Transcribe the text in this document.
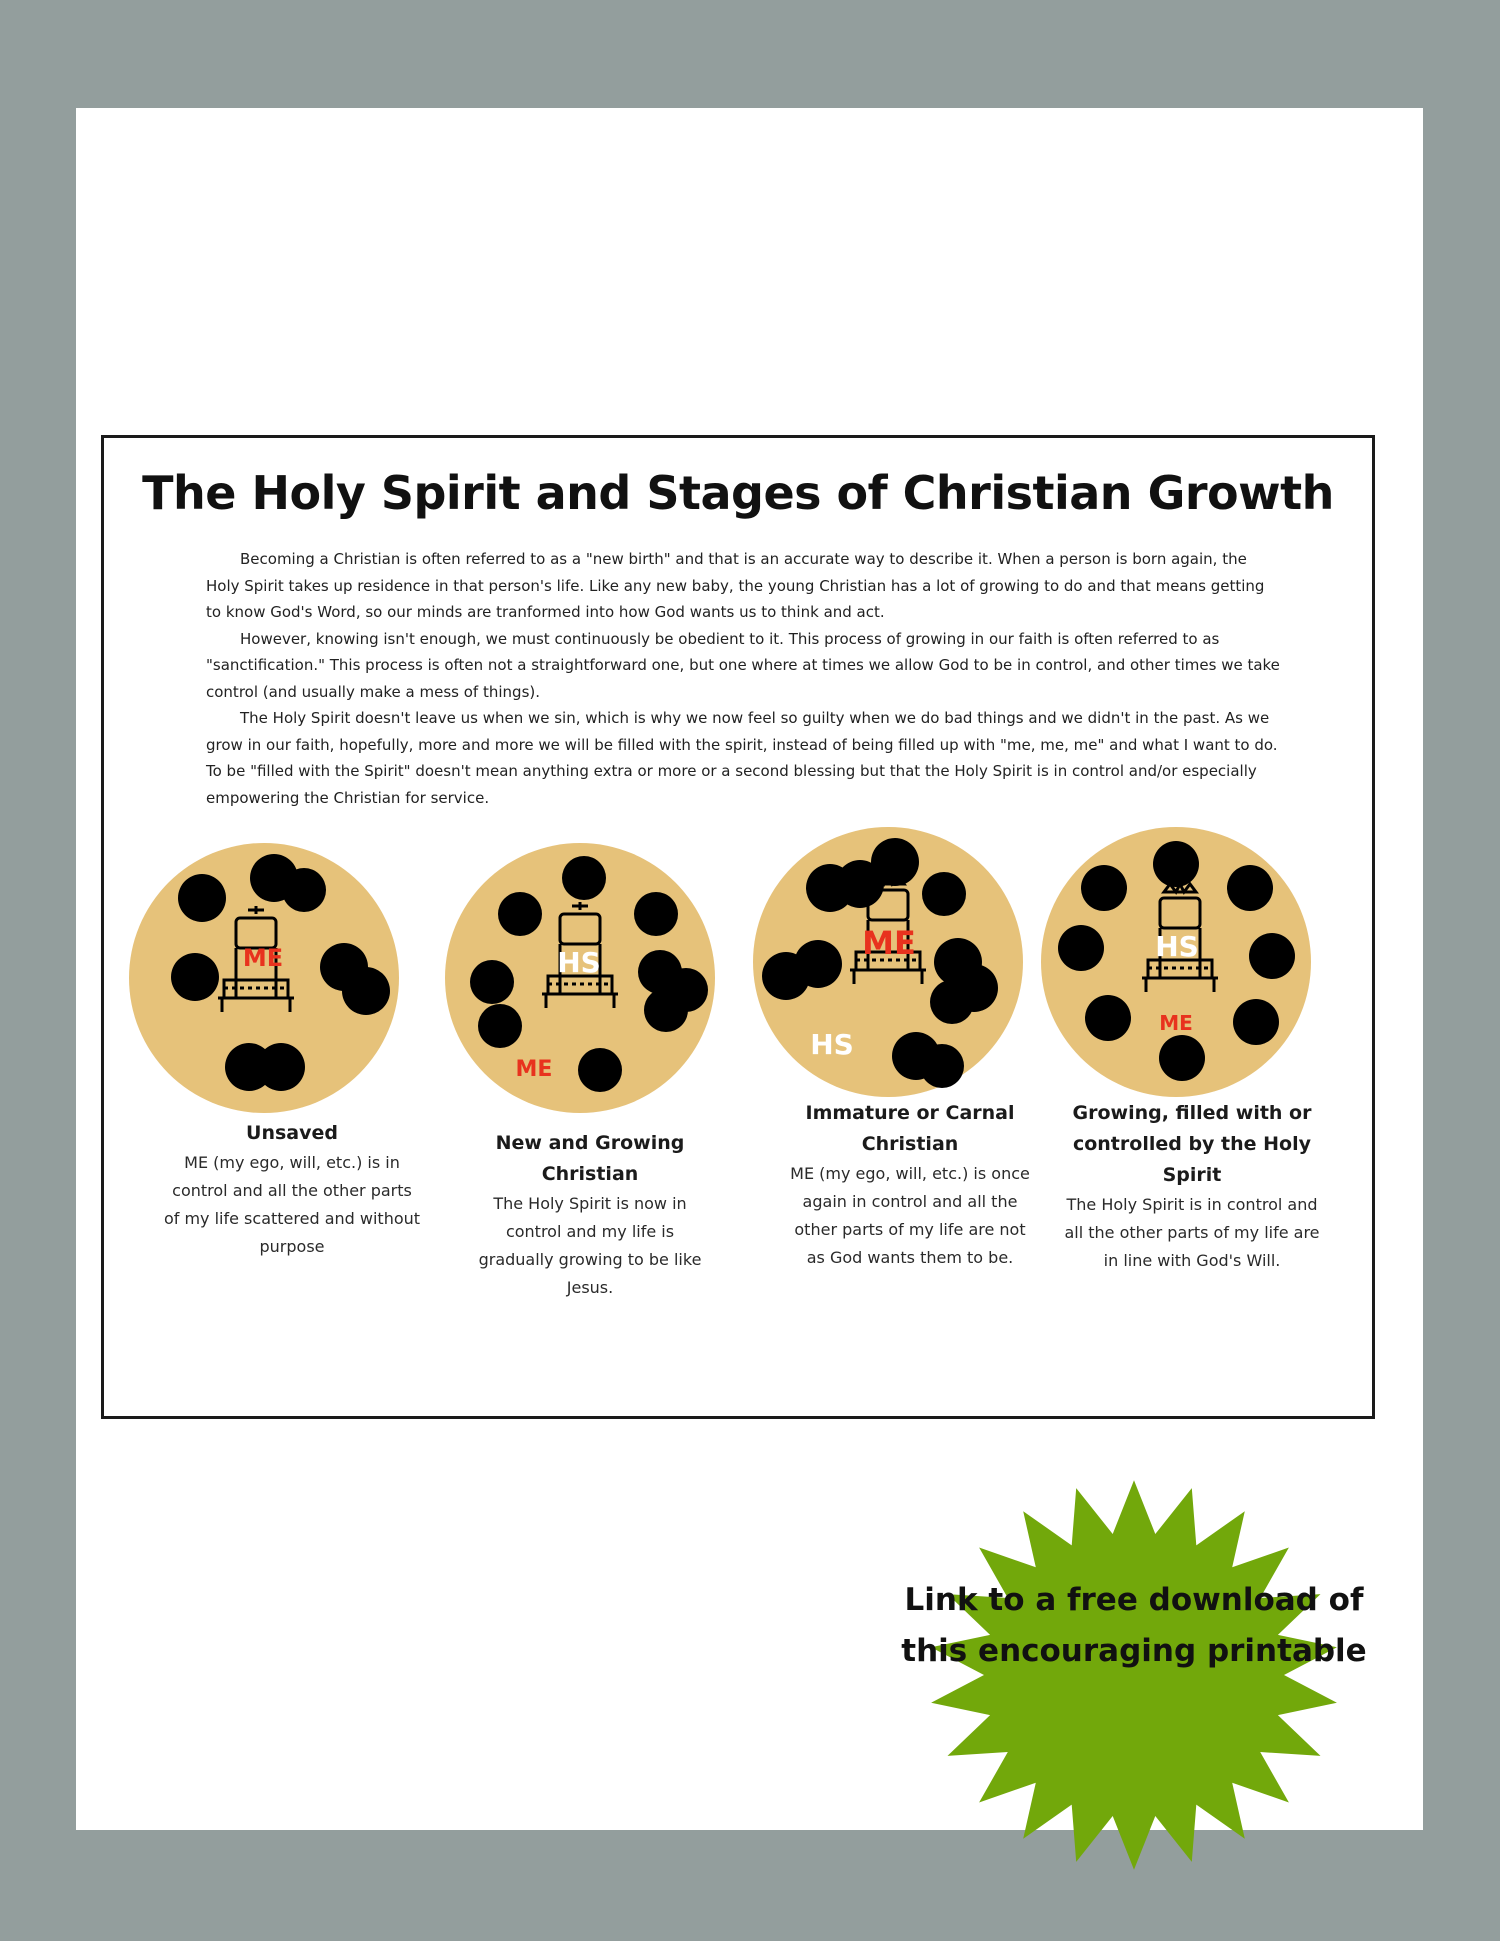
The Holy Spirit and Stages of Christian Growth

Becoming a Christian is often referred to as a "new birth" and that is an accurate way to describe it. When a person is born again, the Holy Spirit takes up residence in that person's life. Like any new baby, the young Christian has a lot of growing to do and that means getting to know God's Word, so our minds are tranformed into how God wants us to think and act.

However, knowing isn't enough, we must continuously be obedient to it. This process of growing in our faith is often referred to as "sanctification." This process is often not a straightforward one, but one where at times we allow God to be in control, and other times we take control (and usually make a mess of things).

The Holy Spirit doesn't leave us when we sin, which is why we now feel so guilty when we do bad things and we didn't in the past. As we grow in our faith, hopefully, more and more we will be filled with the spirit, instead of being filled up with "me, me, me" and what I want to do. To be "filled with the Spirit" doesn't mean anything extra or more or a second blessing but that the Holy Spirit is in control and/or especially empowering the Christian for service.

ME
Unsaved
ME (my ego, will, etc.) is in control and all the other parts of my life scattered and without purpose
HS
ME
New and Growing Christian
The Holy Spirit is now in control and my life is gradually growing to be like Jesus.
ME
HS
Immature or Carnal Christian
ME (my ego, will, etc.) is once again in control and all the other parts of my life are not as God wants them to be.
HS
ME
Growing, filled with or controlled by the Holy Spirit
The Holy Spirit is in control and all the other parts of my life are in line with God's Will.
Link to a free download of this encouraging printable
